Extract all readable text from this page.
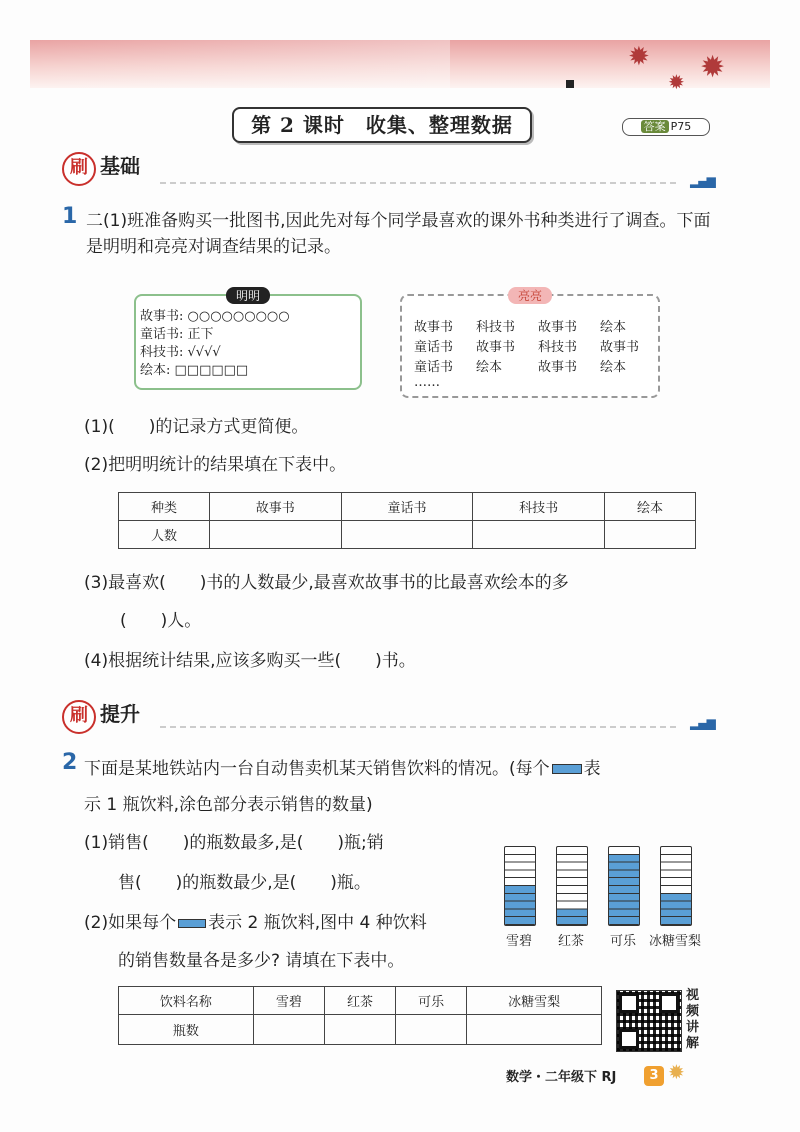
✹ ✹
✹
第 2 课时　收集、整理数据	答案 P75
刷 基础
▂▄▆
1 二(1)班准备购买一批图书,因此先对每个同学最喜欢的课外书种类进行了调查。下面是明明和亮亮对调查结果的记录。
明明
故事书: ○○○○○○○○○
童话书: 正下
科技书: √√√√
绘本: □□□□□□
亮亮
故事书	科技书	故事书	绘本
童话书	故事书	科技书	故事书
童话书	绘本	故事书	绘本
……
(1)(　　)的记录方式更简便。
(2)把明明统计的结果填在下表中。
种类	故事书	童话书	科技书	绘本
人数				
(3)最喜欢(　　)书的人数最少,最喜欢故事书的比最喜欢绘本的多
(　　)人。
(4)根据统计结果,应该多购买一些(　　)书。
刷 提升	▂▄▆
2 下面是某地铁站内一台自动售卖机某天销售饮料的情况。(每个 表
示 1 瓶饮料,涂色部分表示销售的数量)
(1)销售(　　)的瓶数最多,是(　　)瓶;销
售(　　)的瓶数最少,是(　　)瓶。
(2)如果每个 表示 2 瓶饮料,图中 4 种饮料
的销售数量各是多少? 请填在下表中。
雪碧	红茶	可乐 冰糖雪梨
饮料名称	雪碧	红茶	可乐	冰糖雪梨
瓶数				
视频讲解
数学・二年级下 RJ	3 ✹
